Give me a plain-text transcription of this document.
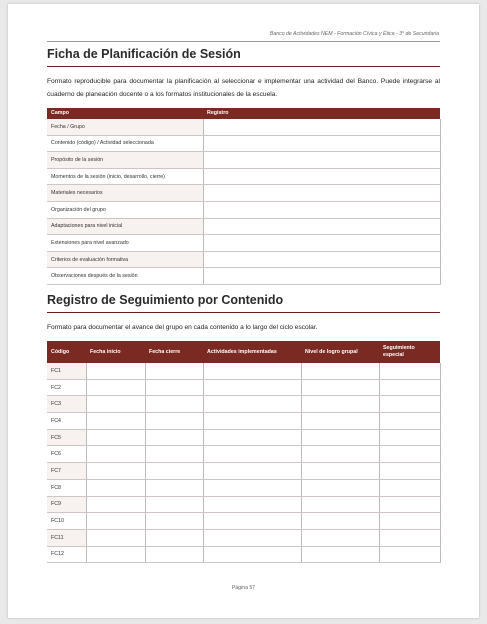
Banco de Actividades NEM - Formación Cívica y Ética - 3° de Secundaria
Ficha de Planificación de Sesión
Formato reproducible para documentar la planificación al seleccionar e implementar una actividad del Banco. Puede integrarse al cuaderno de planeación docente o a los formatos institucionales de la escuela.
Campo	Registro
Fecha / Grupo	
Contenido (código) / Actividad seleccionada	
Propósito de la sesión	
Momentos de la sesión (inicio, desarrollo, cierre)	
Materiales necesarios	
Organización del grupo	
Adaptaciones para nivel inicial	
Extensiones para nivel avanzado	
Criterios de evaluación formativa	
Observaciones después de la sesión	
Registro de Seguimiento por Contenido
Formato para documentar el avance del grupo en cada contenido a lo largo del ciclo escolar.
Código	Fecha inicio	Fecha cierre	Actividades implementadas	Nivel de logro grupal	Seguimiento especial
FC1					
FC2					
FC3					
FC4					
FC5					
FC6					
FC7					
FC8					
FC9					
FC10					
FC11					
FC12					
Página 57
